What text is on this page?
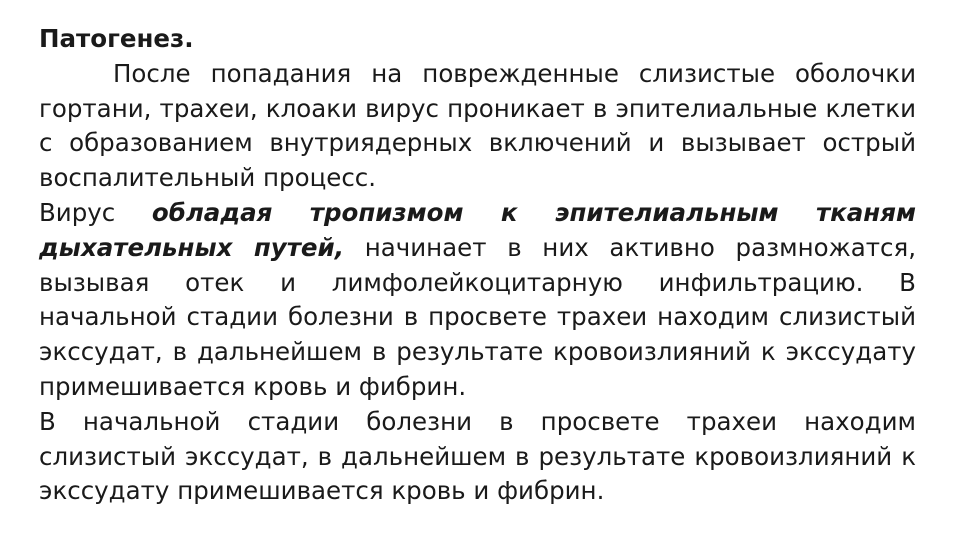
Патогенез.

После попадания на поврежденные слизистые оболочки гортани, трахеи, клоаки вирус проникает в эпителиальные клетки с образованием внутриядерных включений и вызывает острый воспалительный процесс.

Вирус обладая тропизмом к эпителиальным тканям дыхательных путей, начинает в них активно размножатся, вызывая отек и лимфолейкоцитарную инфильтрацию. В начальной стадии болезни в просвете трахеи находим слизистый экссудат, в дальнейшем в результате кровоизлияний к экссудату примешивается кровь и фибрин.

В начальной стадии болезни в просвете трахеи находим слизистый экссудат, в дальнейшем в результате кровоизлияний к экссудату примешивается кровь и фибрин.
